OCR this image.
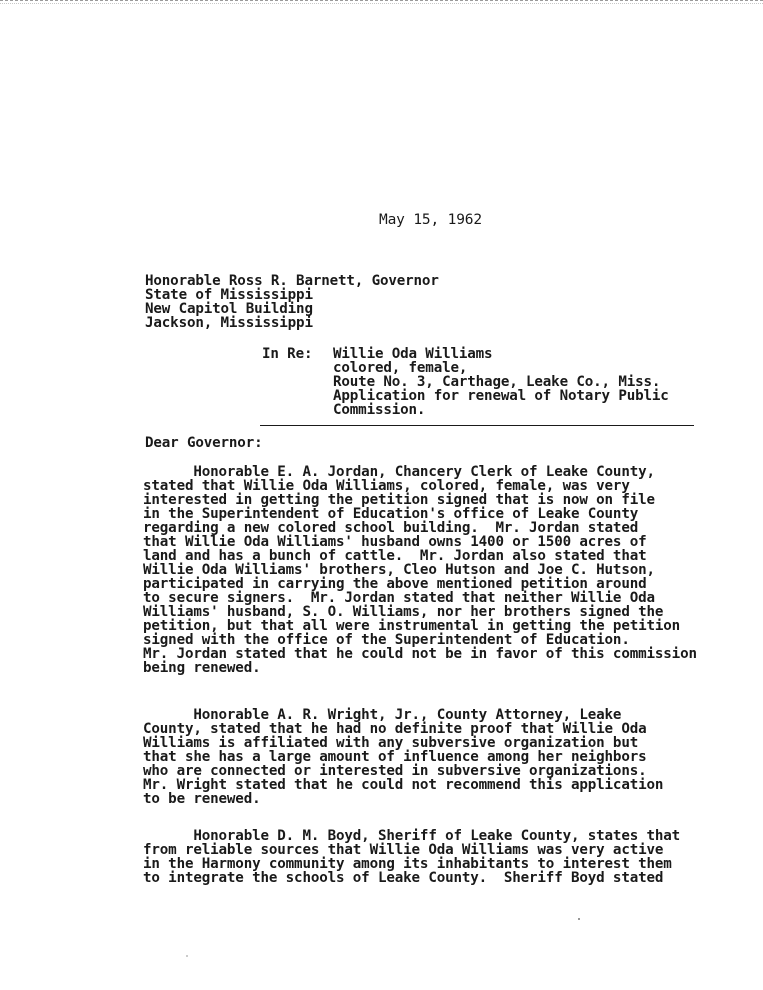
May 15, 1962
Honorable Ross R. Barnett, Governor
State of Mississippi
New Capitol Building
Jackson, Mississippi
In Re: Willie Oda Williams
colored, female,
Route No. 3, Carthage, Leake Co., Miss.
Application for renewal of Notary Public
Commission.
Dear Governor:
Honorable E. A. Jordan, Chancery Clerk of Leake County,
stated that Willie Oda Williams, colored, female, was very
interested in getting the petition signed that is now on file
in the Superintendent of Education's office of Leake County
regarding a new colored school building.  Mr. Jordan stated
that Willie Oda Williams' husband owns 1400 or 1500 acres of
land and has a bunch of cattle.  Mr. Jordan also stated that
Willie Oda Williams' brothers, Cleo Hutson and Joe C. Hutson,
participated in carrying the above mentioned petition around
to secure signers.  Mr. Jordan stated that neither Willie Oda
Williams' husband, S. O. Williams, nor her brothers signed the
petition, but that all were instrumental in getting the petition
signed with the office of the Superintendent of Education.
Mr. Jordan stated that he could not be in favor of this commission
being renewed.
Honorable A. R. Wright, Jr., County Attorney, Leake
County, stated that he had no definite proof that Willie Oda
Williams is affiliated with any subversive organization but
that she has a large amount of influence among her neighbors
who are connected or interested in subversive organizations.
Mr. Wright stated that he could not recommend this application
to be renewed.
Honorable D. M. Boyd, Sheriff of Leake County, states that
from reliable sources that Willie Oda Williams was very active
in the Harmony community among its inhabitants to interest them
to integrate the schools of Leake County.  Sheriff Boyd stated
